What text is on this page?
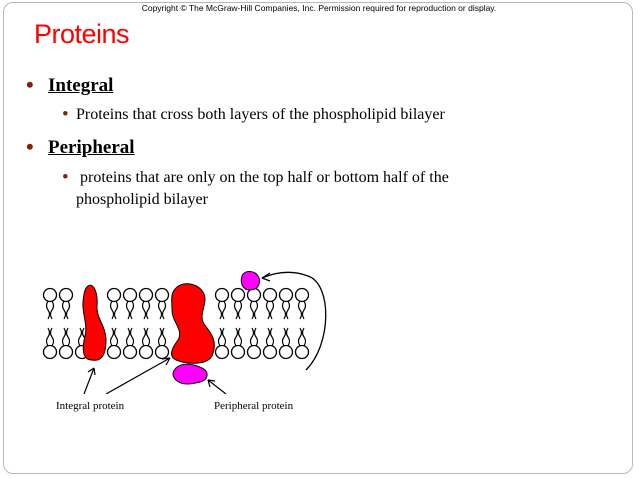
Copyright © The McGraw-Hill Companies, Inc. Permission required for reproduction or display.
Proteins
• Integral
• Proteins that cross both layers of the phospholipid bilayer
• Peripheral
• proteins that are only on the top half or bottom half of the
phospholipid bilayer
Integral protein	Peripheral protein
